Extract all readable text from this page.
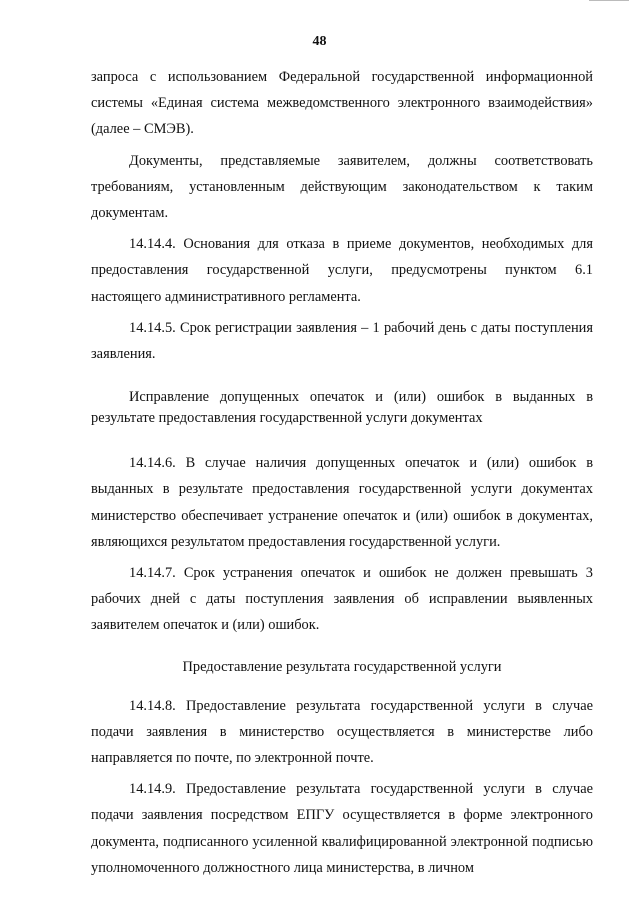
48

запроса с использованием Федеральной государственной информационной системы «Единая система межведомственного электронного взаимодействия» (далее – СМЭВ).

Документы, представляемые заявителем, должны соответствовать требованиям, установленным действующим законодательством к таким документам.

14.14.4. Основания для отказа в приеме документов, необходимых для предоставления государственной услуги, предусмотрены пунктом 6.1 настоящего административного регламента.

14.14.5. Срок регистрации заявления – 1 рабочий день с даты поступления заявления.

Исправление допущенных опечаток и (или) ошибок в выданных в результате предоставления государственной услуги документах

14.14.6. В случае наличия допущенных опечаток и (или) ошибок в выданных в результате предоставления государственной услуги документах министерство обеспечивает устранение опечаток и (или) ошибок в документах, являющихся результатом предоставления государственной услуги.

14.14.7. Срок устранения опечаток и ошибок не должен превышать 3 рабочих дней с даты поступления заявления об исправлении выявленных заявителем опечаток и (или) ошибок.

Предоставление результата государственной услуги

14.14.8. Предоставление результата государственной услуги в случае подачи заявления в министерство осуществляется в министерстве либо направляется по почте, по электронной почте.

14.14.9. Предоставление результата государственной услуги в случае подачи заявления посредством ЕПГУ осуществляется в форме электронного документа, подписанного усиленной квалифицированной электронной подписью уполномоченного должностного лица министерства, в личном
